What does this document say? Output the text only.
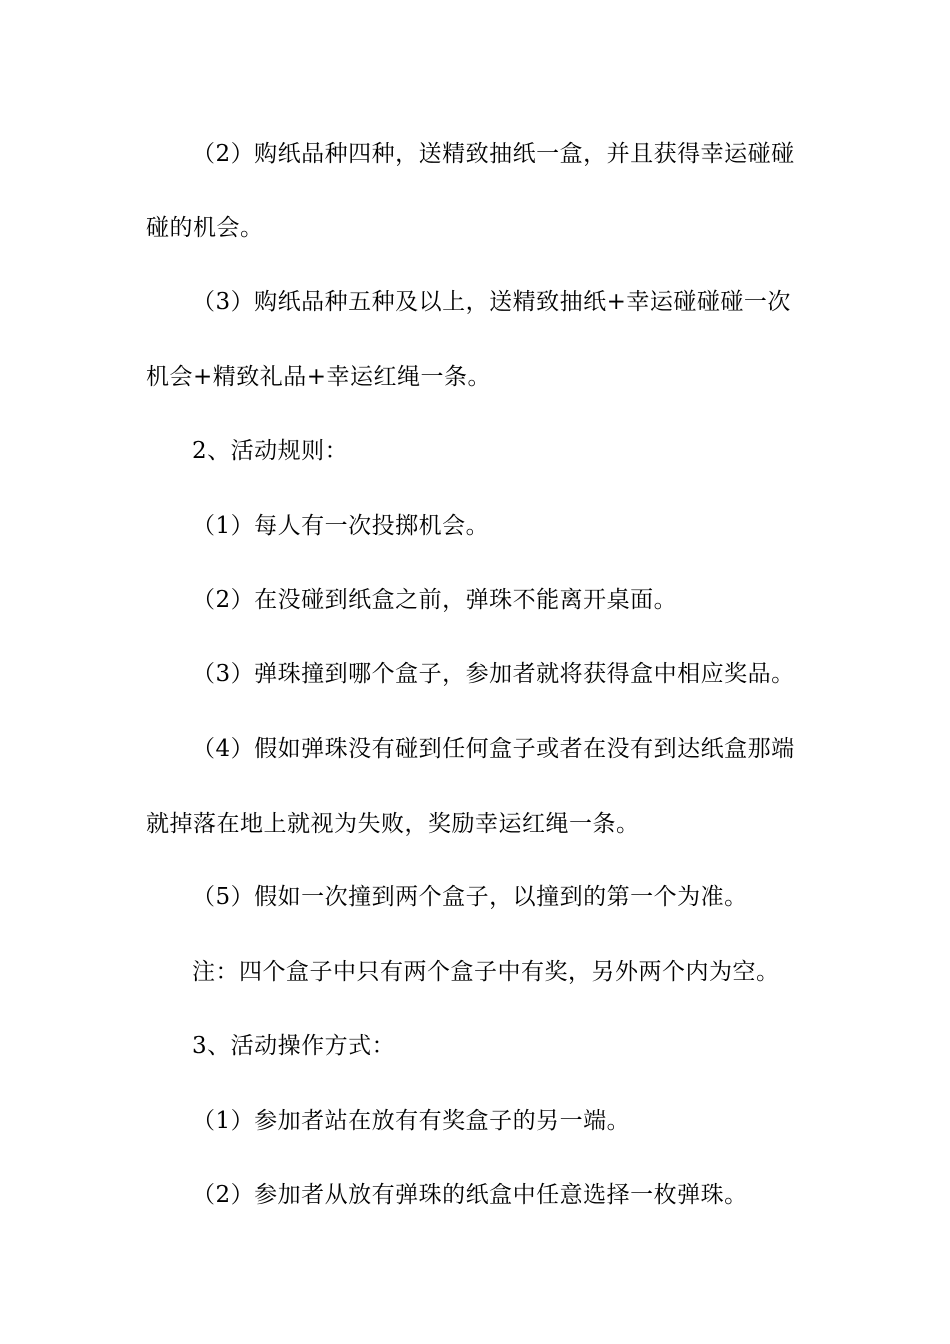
（2）购纸品种四种，送精致抽纸一盒，并且获得幸运碰碰
碰的机会。
（3）购纸品种五种及以上，送精致抽纸+幸运碰碰碰一次
机会+精致礼品+幸运红绳一条。
2、活动规则：
（1）每人有一次投掷机会。
（2）在没碰到纸盒之前，弹珠不能离开桌面。
（3）弹珠撞到哪个盒子，参加者就将获得盒中相应奖品。
（4）假如弹珠没有碰到任何盒子或者在没有到达纸盒那端
就掉落在地上就视为失败，奖励幸运红绳一条。
（5）假如一次撞到两个盒子，以撞到的第一个为准。
注：四个盒子中只有两个盒子中有奖，另外两个内为空。
3、活动操作方式：
（1）参加者站在放有有奖盒子的另一端。
（2）参加者从放有弹珠的纸盒中任意选择一枚弹珠。
